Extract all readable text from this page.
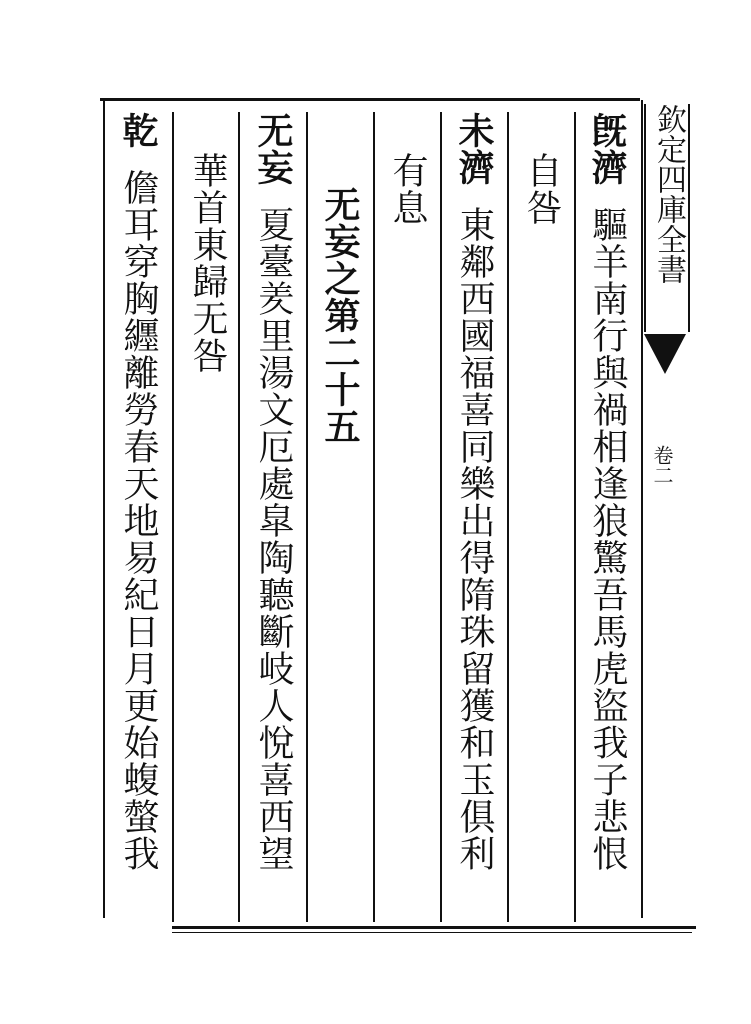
欽定四庫全書
卷二
旣濟驅羊南行與禍相逢狼驚吾馬虎盜我子悲恨
自咎
未濟東鄰西國福喜同樂出得隋珠留獲和玉俱利
有息
无妄之第二十五
无妄夏臺羑里湯文厄處皐陶聽斷岐人悅喜西望
華首東歸无咎
乾儋耳穿胸纒離勞春天地易紀日月更始蝮螫我
